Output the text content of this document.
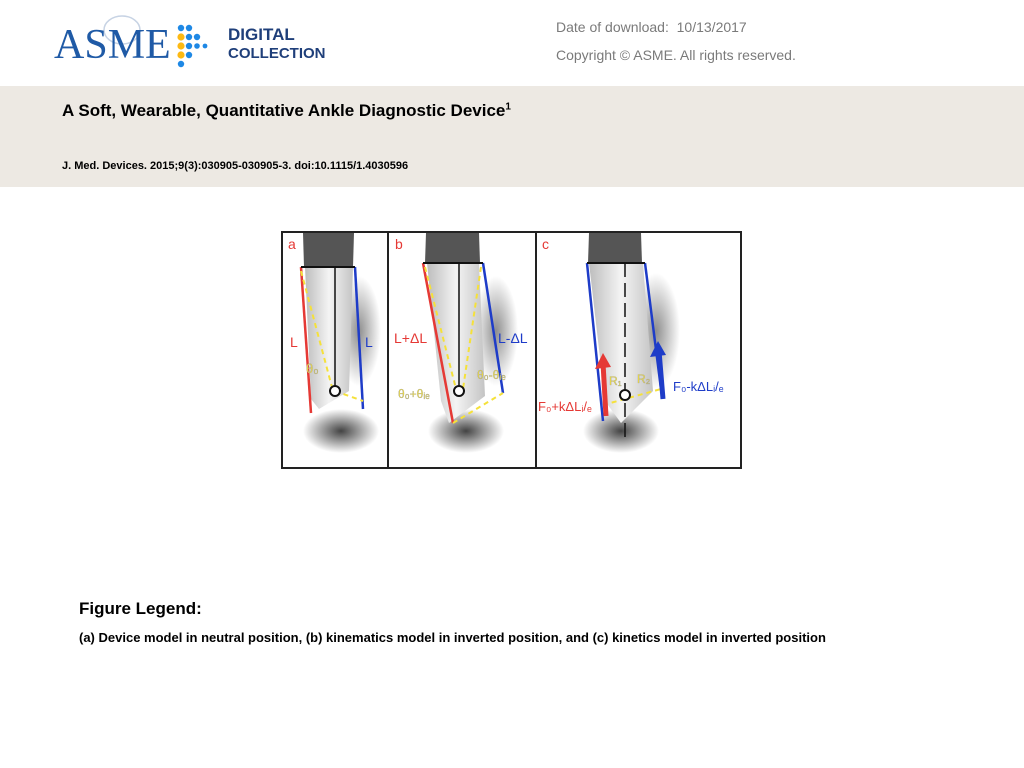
ASME	DIGITAL
COLLECTION
Date of download: 10/13/2017
Copyright © ASME. All rights reserved.
A Soft, Wearable, Quantitative Ankle Diagnostic Device$^1$
J. Med. Devices. 2015;9(3):030905-030905-3. doi:10.1115/1.4030596
a
L	L
θ₀
b
L+ΔL	L-ΔL
θ₀+θᵢₑ
θ₀-θᵢₑ
c
F₀+kΔLᵢ/ₑ
F₀-kΔLᵢ/ₑ
R₁ R₂
Figure Legend:
(a) Device model in neutral position, (b) kinematics model in inverted position, and (c) kinetics model in inverted position
